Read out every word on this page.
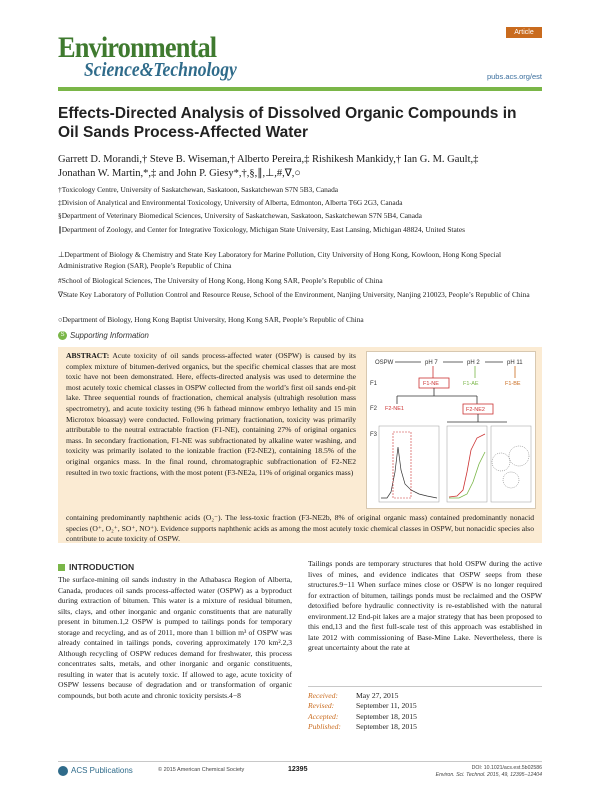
Environmental
Science&Technology
Article
pubs.acs.org/est
Effects-Directed Analysis of Dissolved Organic Compounds in Oil Sands Process-Affected Water
Garrett D. Morandi,† Steve B. Wiseman,† Alberto Pereira,‡ Rishikesh Mankidy,† Ian G. M. Gault,‡
Jonathan W. Martin,*,‡ and John P. Giesy*,†,§,∥,⊥,#,∇,○
†Toxicology Centre, University of Saskatchewan, Saskatoon, Saskatchewan S7N 5B3, Canada
‡Division of Analytical and Environmental Toxicology, University of Alberta, Edmonton, Alberta T6G 2G3, Canada
§Department of Veterinary Biomedical Sciences, University of Saskatchewan, Saskatoon, Saskatchewan S7N 5B4, Canada
∥Department of Zoology, and Center for Integrative Toxicology, Michigan State University, East Lansing, Michigan 48824, United States
⊥Department of Biology & Chemistry and State Key Laboratory for Marine Pollution, City University of Hong Kong, Kowloon, Hong Kong Special Administrative Region (SAR), People’s Republic of China
#School of Biological Sciences, The University of Hong Kong, Hong Kong SAR, People’s Republic of China
∇State Key Laboratory of Pollution Control and Resource Reuse, School of the Environment, Nanjing University, Nanjing 210023, People’s Republic of China
○Department of Biology, Hong Kong Baptist University, Hong Kong SAR, People’s Republic of China
S Supporting Information
ABSTRACT: Acute toxicity of oil sands process-affected water (OSPW) is caused by its complex mixture of bitumen-derived organics, but the specific chemical classes that are most toxic have not been demonstrated. Here, effects-directed analysis was used to determine the most acutely toxic chemical classes in OSPW collected from the world’s first oil sands end-pit lake. Three sequential rounds of fractionation, chemical analysis (ultrahigh resolution mass spectrometry), and acute toxicity testing (96 h fathead minnow embryo lethality and 15 min Microtox bioassay) were conducted. Following primary fractionation, toxicity was primarily attributable to the neutral extractable fraction (F1-NE), containing 27% of original organics mass. In secondary fractionation, F1-NE was subfractionated by alkaline water washing, and toxicity was primarily isolated to the ionizable fraction (F2-NE2), containing 18.5% of the original organics mass. In the final round, chromatographic subfractionation of F2-NE2 resulted in two toxic fractions, with the most potent (F3-NE2a, 11% of original organics mass)
containing predominantly naphthenic acids (O₂⁻). The less-toxic fraction (F3-NE2b, 8% of original organic mass) contained predominantly nonacid species (O⁺, O₂⁺, SO⁺, NO⁺). Evidence supports naphthenic acids as among the most acutely toxic chemical classes in OSPW, but nonacidic species also contribute to acute toxicity of OSPW.
OSPW	pH 7	pH 2	pH 11
F1
F2
F3
F1-NE	F1-AE	F1-BE
F2-NE1	F2-NE2
INTRODUCTION
The surface-mining oil sands industry in the Athabasca Region of Alberta, Canada, produces oil sands process-affected water (OSPW) as a byproduct during extraction of bitumen. This water is a mixture of residual bitumen, silts, clays, and other inorganic and organic constituents that are naturally present in bitumen.1,2 OSPW is pumped to tailings ponds for temporary storage and recycling, and as of 2011, more than 1 billion m³ of OSPW was already contained in tailings ponds, covering approximately 170 km².2,3 Although recycling of OSPW reduces demand for freshwater, this process concentrates salts, metals, and other inorganic and organic constituents, resulting in water that is acutely toxic. If allowed to age, acute toxicity of OSPW lessens because of degradation and or transformation of organic compounds, but both acute and chronic toxicity persists.4−8
Tailings ponds are temporary structures that hold OSPW during the active lives of mines, and evidence indicates that OSPW seeps from these structures.9−11 When surface mines close or OSPW is no longer required for extraction of bitumen, tailings ponds must be reclaimed and the OSPW detoxified before hydraulic connectivity is re-established with the natural environment.12 End-pit lakes are a major strategy that has been proposed to this end,13 and the first full-scale test of this approach was established in late 2012 with commissioning of Base-Mine Lake. Nevertheless, there is great uncertainty about the rate at
Received: May 27, 2015
Revised:	September 11, 2015
Accepted: September 18, 2015
Published: September 18, 2015
ACS Publications	© 2015 American Chemical Society	12395	DOI: 10.1021/acs.est.5b02586
Environ. Sci. Technol. 2015, 49, 12395−12404
